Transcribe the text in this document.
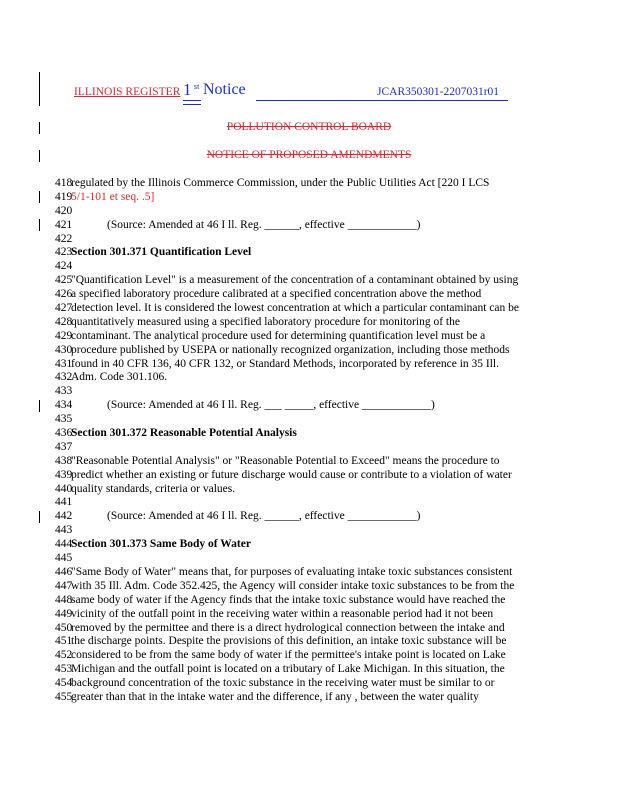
ILLINOIS REGISTER 1 st Notice	JCAR350301-2207031r01
POLLUTION CONTROL BOARD
NOTICE OF PROPOSED AMENDMENTS
418
regulated by the Illinois Commerce Commission, under the Public Utilities Act [220 I LCS
419
5/1-101 et seq. .5]
420
421	(Source: Amended at 46 I ll. Reg. ______, effective ____________)
422
423
Section 301.371 Quantification Level
424
425
"Quantification Level" is a measurement of the concentration of a contaminant obtained by using
426
a specified laboratory procedure calibrated at a specified concentration above the method
427
detection level. It is considered the lowest concentration at which a particular contaminant can be
428
quantitatively measured using a specified laboratory procedure for monitoring of the
429
contaminant. The analytical procedure used for determining quantification level must be a
430
procedure published by USEPA or nationally recognized organization, including those methods
431
found in 40 CFR 136, 40 CFR 132, or Standard Methods, incorporated by reference in 35 Ill.
432
Adm. Code 301.106.
433
434	(Source: Amended at 46 I ll. Reg. ___ _____, effective ____________)
435
436
Section 301.372 Reasonable Potential Analysis
437
438
"Reasonable Potential Analysis" or "Reasonable Potential to Exceed" means the procedure to
439
predict whether an existing or future discharge would cause or contribute to a violation of water
440
quality standards, criteria or values.
441
442	(Source: Amended at 46 I ll. Reg. ______, effective ____________)
443
444
Section 301.373 Same Body of Water
445
446
"Same Body of Water" means that, for purposes of evaluating intake toxic substances consistent
447
with 35 Ill. Adm. Code 352.425, the Agency will consider intake toxic substances to be from the
448
same body of water if the Agency finds that the intake toxic substance would have reached the
449
vicinity of the outfall point in the receiving water within a reasonable period had it not been
450
removed by the permittee and there is a direct hydrological connection between the intake and
451
the discharge points. Despite the provisions of this definition, an intake toxic substance will be
452
considered to be from the same body of water if the permittee's intake point is located on Lake
453
Michigan and the outfall point is located on a tributary of Lake Michigan. In this situation, the
454
background concentration of the toxic substance in the receiving water must be similar to or
455
greater than that in the intake water and the difference, if any , between the water quality
